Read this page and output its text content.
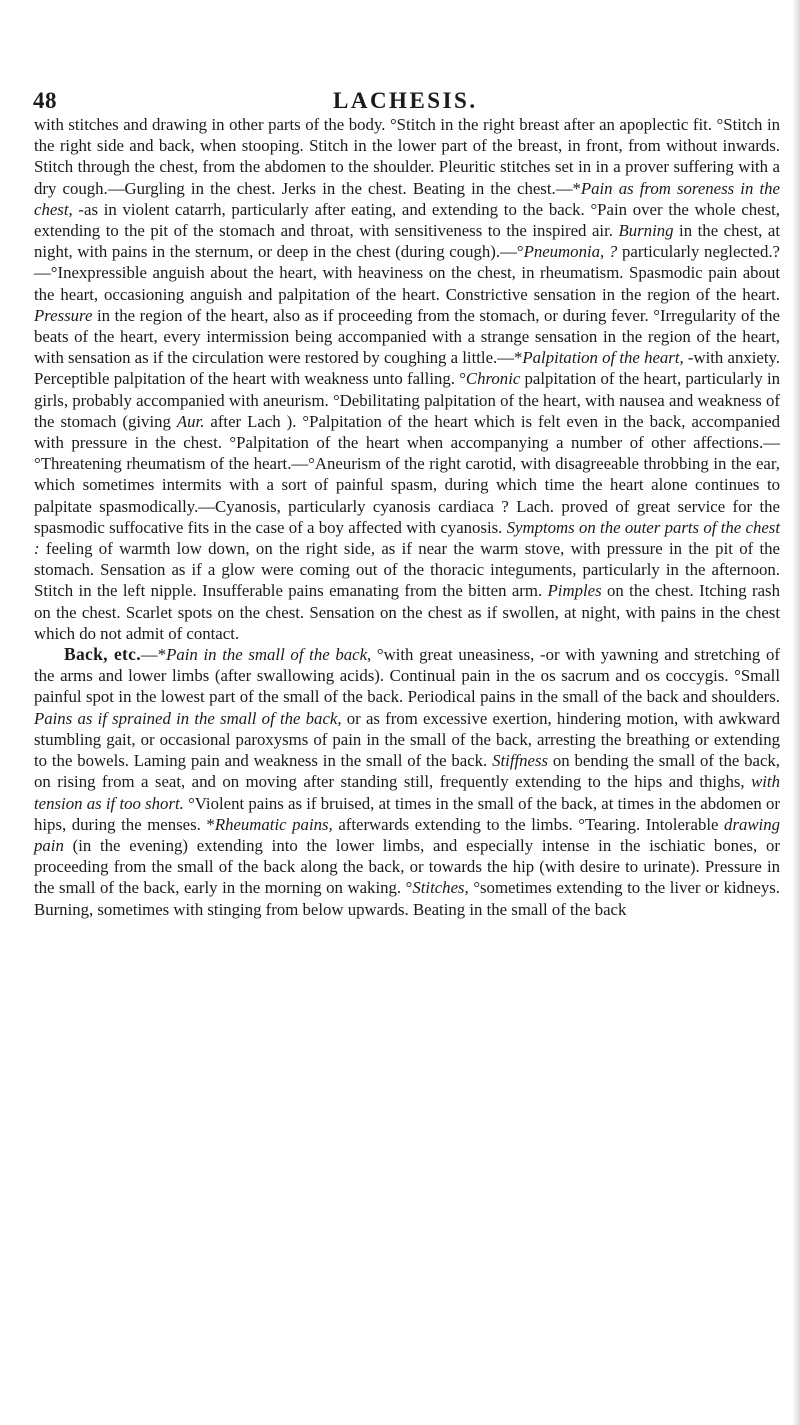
48	LACHESIS.

with stitches and drawing in other parts of the body. °Stitch in the right breast after an apoplectic fit. °Stitch in the right side and back, when stooping. Stitch in the lower part of the breast, in front, from without inwards. Stitch through the chest, from the abdomen to the shoulder. Pleuritic stitches set in in a prover suffering with a dry cough.—Gurgling in the chest. Jerks in the chest. Beating in the chest.—*Pain as from soreness in the chest, -as in violent catarrh, particularly after eating, and extending to the back. °Pain over the whole chest, extending to the pit of the stomach and throat, with sensitiveness to the inspired air. Burning in the chest, at night, with pains in the sternum, or deep in the chest (during cough).—°Pneumonia, ? particularly neglected.?—°Inexpressible anguish about the heart, with heaviness on the chest, in rheumatism. Spasmodic pain about the heart, occasioning anguish and palpitation of the heart. Constrictive sensation in the region of the heart. Pressure in the region of the heart, also as if proceeding from the stomach, or during fever. °Irregularity of the beats of the heart, every intermission being accompanied with a strange sensation in the region of the heart, with sensation as if the circulation were restored by coughing a little.—*Palpitation of the heart, -with anxiety. Perceptible palpitation of the heart with weakness unto falling. °Chronic palpitation of the heart, particularly in girls, probably accompanied with aneurism. °Debilitating palpitation of the heart, with nausea and weakness of the stomach (giving Aur. after Lach ). °Palpitation of the heart which is felt even in the back, accompanied with pressure in the chest. °Palpitation of the heart when accompanying a number of other affections.—°Threatening rheumatism of the heart.—°Aneurism of the right carotid, with disagreeable throbbing in the ear, which sometimes intermits with a sort of painful spasm, during which time the heart alone continues to palpitate spasmodically.—Cyanosis, particularly cyanosis cardiaca ? Lach. proved of great service for the spasmodic suffocative fits in the case of a boy affected with cyanosis. Symptoms on the outer parts of the chest : feeling of warmth low down, on the right side, as if near the warm stove, with pressure in the pit of the stomach. Sensation as if a glow were coming out of the thoracic integuments, particularly in the afternoon. Stitch in the left nipple. Insufferable pains emanating from the bitten arm. Pimples on the chest. Itching rash on the chest. Scarlet spots on the chest. Sensation on the chest as if swollen, at night, with pains in the chest which do not admit of contact.

Back, etc.—*Pain in the small of the back, °with great uneasiness, -or with yawning and stretching of the arms and lower limbs (after swallowing acids). Continual pain in the os sacrum and os coccygis. °Small painful spot in the lowest part of the small of the back. Periodical pains in the small of the back and shoulders. Pains as if sprained in the small of the back, or as from excessive exertion, hindering motion, with awkward stumbling gait, or occasional paroxysms of pain in the small of the back, arresting the breathing or extending to the bowels. Laming pain and weakness in the small of the back. Stiffness on bending the small of the back, on rising from a seat, and on moving after standing still, frequently extending to the hips and thighs, with tension as if too short. °Violent pains as if bruised, at times in the small of the back, at times in the abdomen or hips, during the menses. *Rheumatic pains, afterwards extending to the limbs. °Tearing. Intolerable drawing pain (in the evening) extending into the lower limbs, and especially intense in the ischiatic bones, or proceeding from the small of the back along the back, or towards the hip (with desire to urinate). Pressure in the small of the back, early in the morning on waking. °Stitches, °sometimes extending to the liver or kidneys. Burning, sometimes with stinging from below upwards. Beating in the small of the back
